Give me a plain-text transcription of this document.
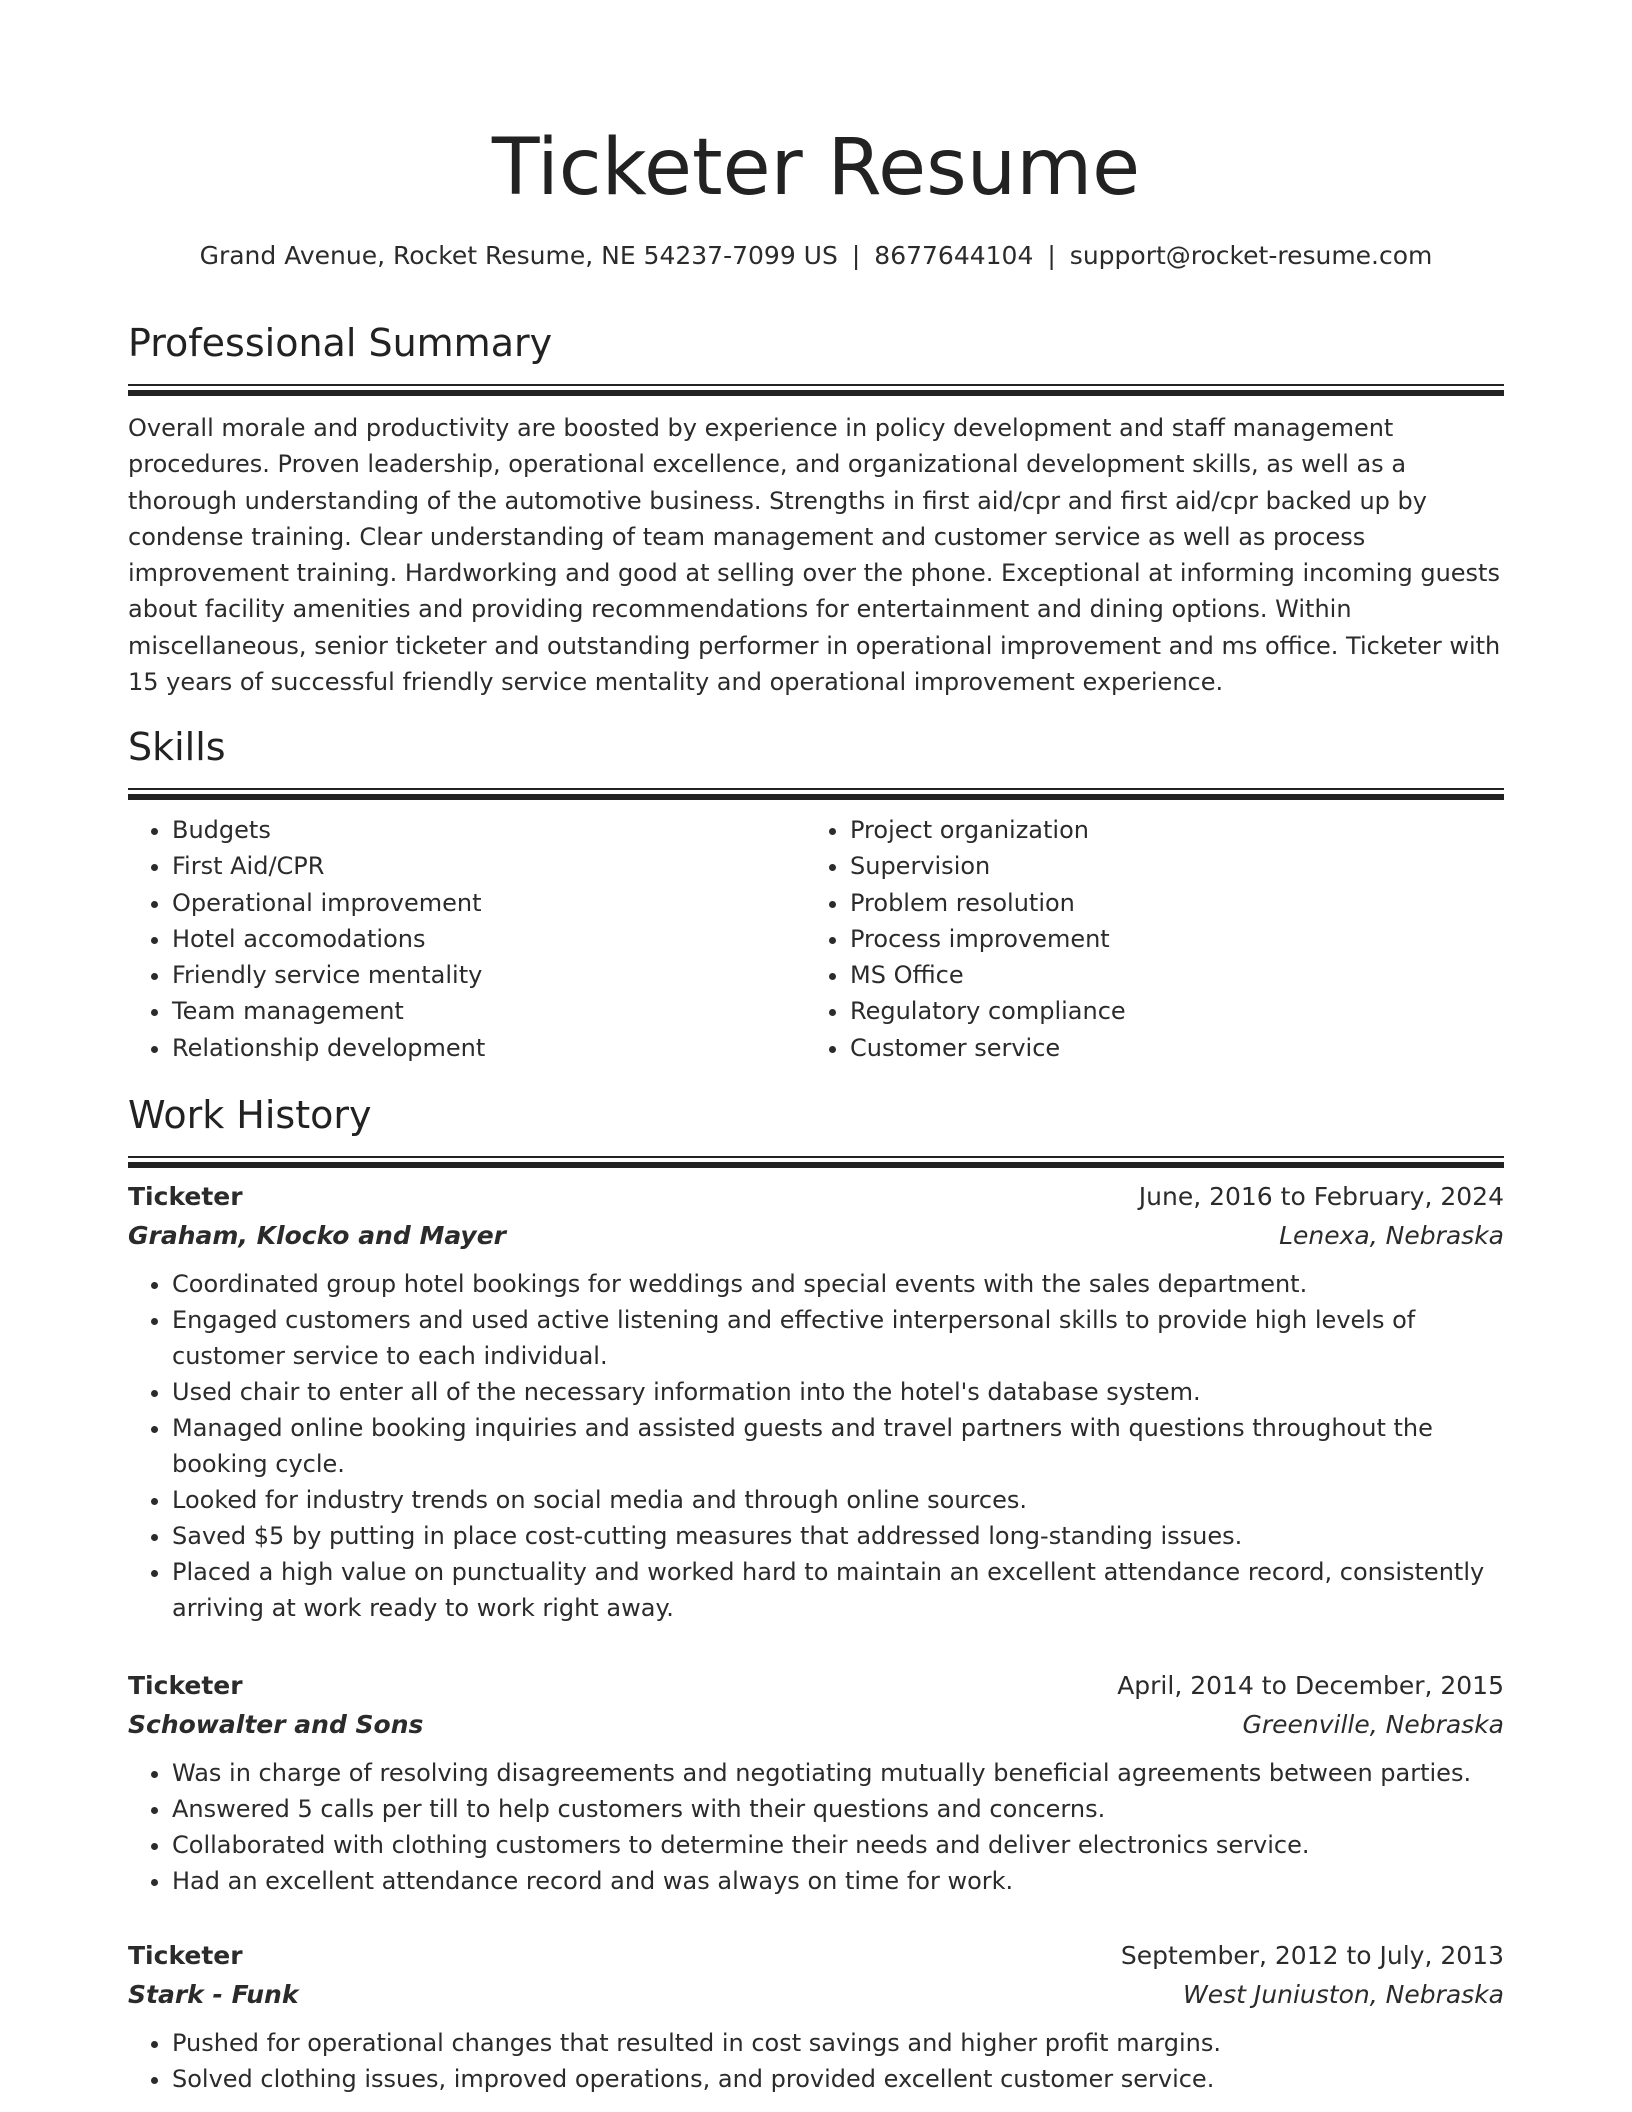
Ticketer Resume
Grand Avenue, Rocket Resume, NE 54237-7099 US | 8677644104 | support@rocket-resume.com
Professional Summary

Overall morale and productivity are boosted by experience in policy development and staff management procedures. Proven leadership, operational excellence, and organizational development skills, as well as a thorough understanding of the automotive business. Strengths in first aid/cpr and first aid/cpr backed up by condense training. Clear understanding of team management and customer service as well as process improvement training. Hardworking and good at selling over the phone. Exceptional at informing incoming guests about facility amenities and providing recommendations for entertainment and dining options. Within miscellaneous, senior ticketer and outstanding performer in operational improvement and ms office. Ticketer with 15 years of successful friendly service mentality and operational improvement experience.

Skills
• Budgets
• First Aid/CPR
• Operational improvement
• Hotel accomodations
• Friendly service mentality
• Team management
• Relationship development
• Project organization
• Supervision
• Problem resolution
• Process improvement
• MS Office
• Regulatory compliance
• Customer service
Work History
Ticketer	June, 2016 to February, 2024
Graham, Klocko and Mayer	Lenexa, Nebraska
• Coordinated group hotel bookings for weddings and special events with the sales department.
• Engaged customers and used active listening and effective interpersonal skills to provide high levels of customer service to each individual.
• Used chair to enter all of the necessary information into the hotel's database system.
• Managed online booking inquiries and assisted guests and travel partners with questions throughout the booking cycle.
• Looked for industry trends on social media and through online sources.
• Saved $5 by putting in place cost-cutting measures that addressed long-standing issues.
• Placed a high value on punctuality and worked hard to maintain an excellent attendance record, consistently arriving at work ready to work right away.
Ticketer	April, 2014 to December, 2015
Schowalter and Sons	Greenville, Nebraska
• Was in charge of resolving disagreements and negotiating mutually beneficial agreements between parties.
• Answered 5 calls per till to help customers with their questions and concerns.
• Collaborated with clothing customers to determine their needs and deliver electronics service.
• Had an excellent attendance record and was always on time for work.
Ticketer	September, 2012 to July, 2013
Stark - Funk	West Juniuston, Nebraska
• Pushed for operational changes that resulted in cost savings and higher profit margins.
• Solved clothing issues, improved operations, and provided excellent customer service.
